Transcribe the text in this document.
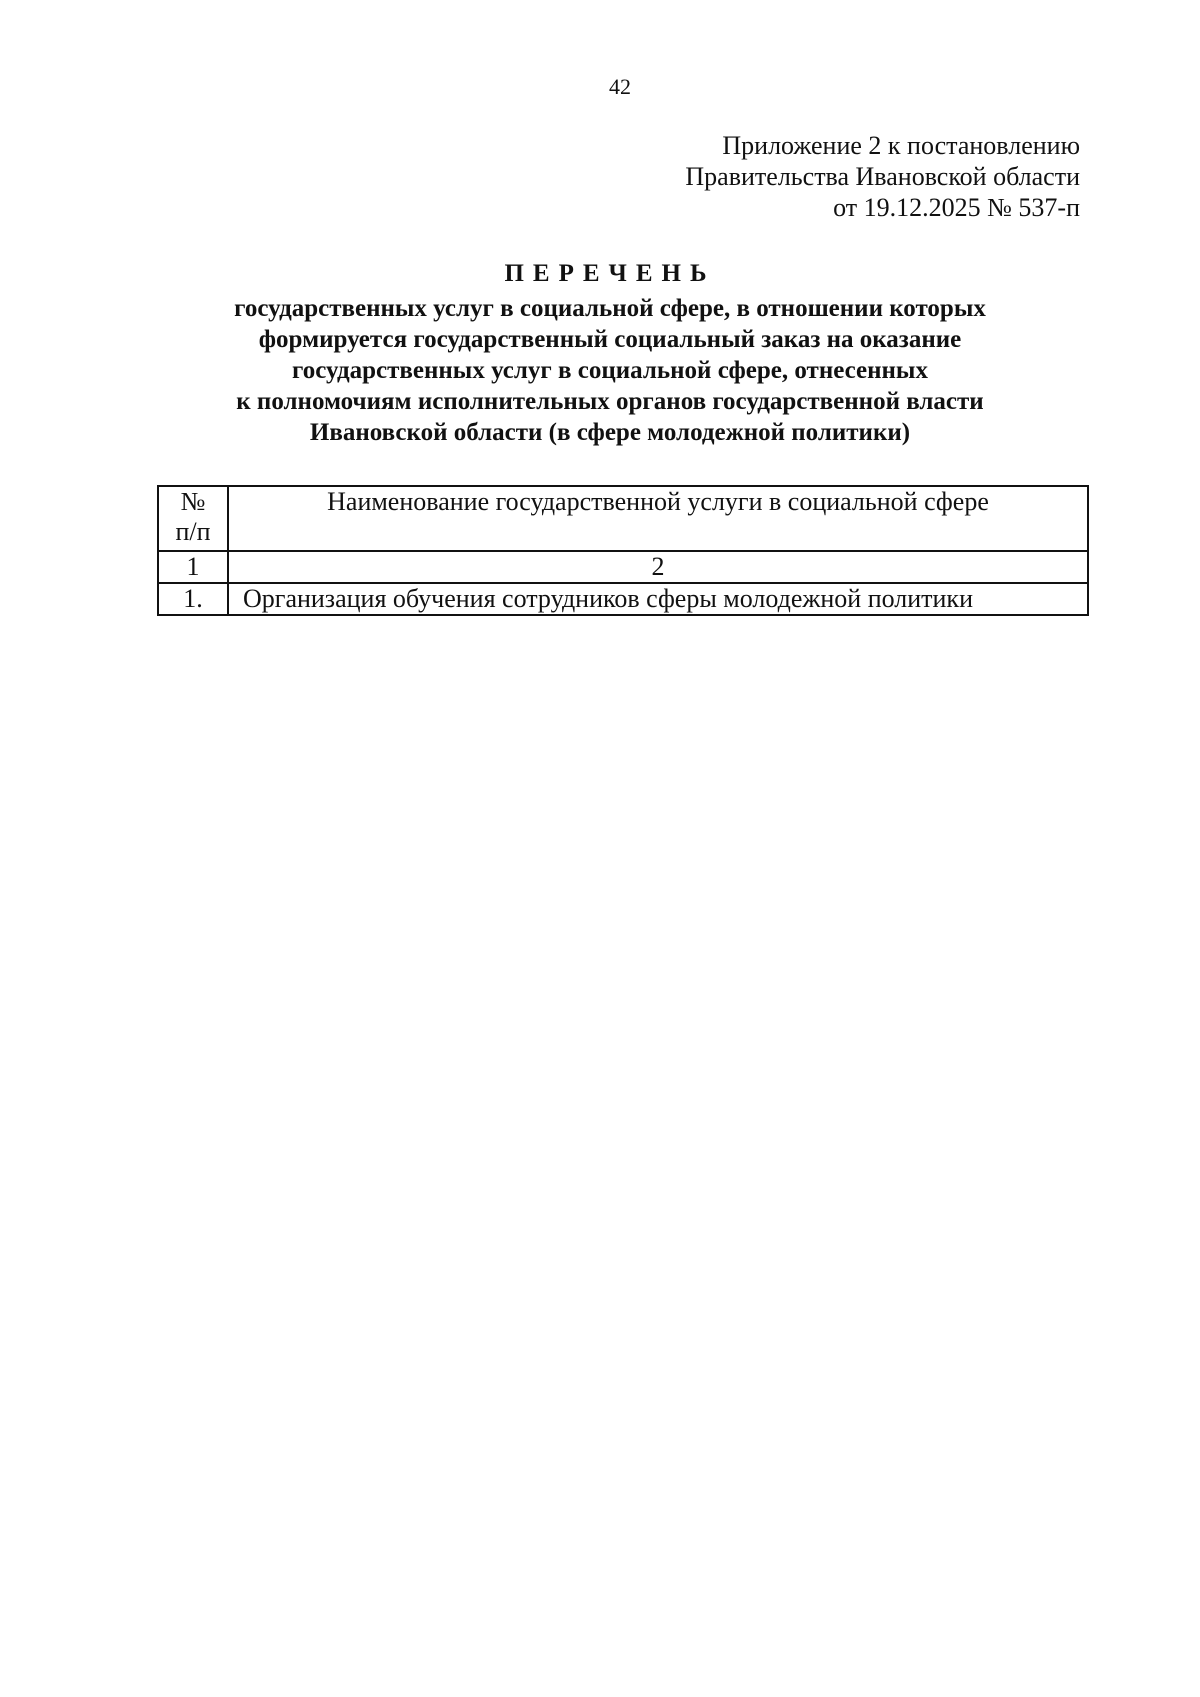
42
Приложение 2 к постановлению
Правительства Ивановской области
от 19.12.2025 № 537-п
ПЕРЕЧЕНЬ
государственных услуг в социальной сфере, в отношении которых
формируется государственный социальный заказ на оказание
государственных услуг в социальной сфере, отнесенных
к полномочиям исполнительных органов государственной власти
Ивановской области (в сфере молодежной политики)
№
п/п	Наименование государственной услуги в социальной сфере
1	2
1.	Организация обучения сотрудников сферы молодежной политики
